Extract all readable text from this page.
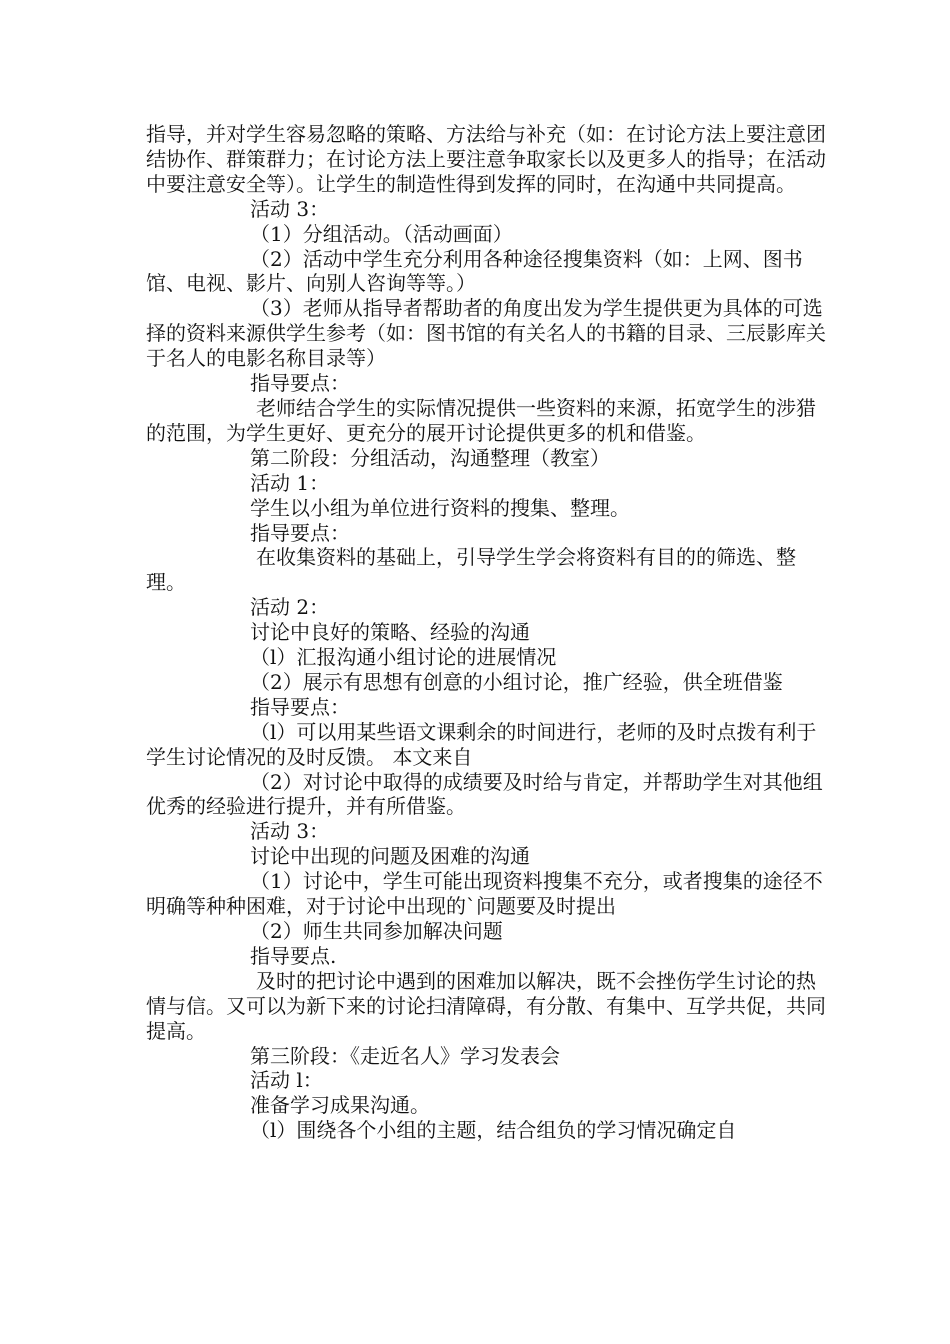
指导，并对学生容易忽略的策略、方法给与补充（如：在讨论方法上要注意团结协作、群策群力；在讨论方法上要注意争取家长以及更多人的指导；在活动中要注意安全等）。让学生的制造性得到发挥的同时，在沟通中共同提高。

活动 3：

（1）分组活动。（活动画面）

（2）活动中学生充分利用各种途径搜集资料（如：上网、图书馆、电视、影片、向别人咨询等等。）

（3）老师从指导者帮助者的角度出发为学生提供更为具体的可选择的资料来源供学生参考（如：图书馆的有关名人的书籍的目录、三辰影库关于名人的电影名称目录等）

指导要点：

老师结合学生的实际情况提供一些资料的来源，拓宽学生的涉猎的范围，为学生更好、更充分的展开讨论提供更多的机和借鉴。

第二阶段：分组活动，沟通整理（教室）

活动 1：

学生以小组为单位进行资料的搜集、整理。

指导要点：

在收集资料的基础上，引导学生学会将资料有目的的筛选、整理。

活动 2：

讨论中良好的策略、经验的沟通

（l）汇报沟通小组讨论的进展情况

（2）展示有思想有创意的小组讨论，推广经验，供全班借鉴

指导要点：

（l）可以用某些语文课剩余的时间进行，老师的及时点拨有利于学生讨论情况的及时反馈。 本文来自

（2）对讨论中取得的成绩要及时给与肯定，并帮助学生对其他组优秀的经验进行提升，并有所借鉴。

活动 3：

讨论中出现的问题及困难的沟通

（1）讨论中，学生可能出现资料搜集不充分，或者搜集的途径不明确等种种困难，对于讨论中出现的`问题要及时提出

（2）师生共同参加解决问题

指导要点.

及时的把讨论中遇到的困难加以解决，既不会挫伤学生讨论的热情与信。又可以为新下来的讨论扫清障碍，有分散、有集中、互学共促，共同提高。

第三阶段：《走近名人》学习发表会

活动 l：

准备学习成果沟通。

（l）围绕各个小组的主题，结合组负的学习情况确定自
